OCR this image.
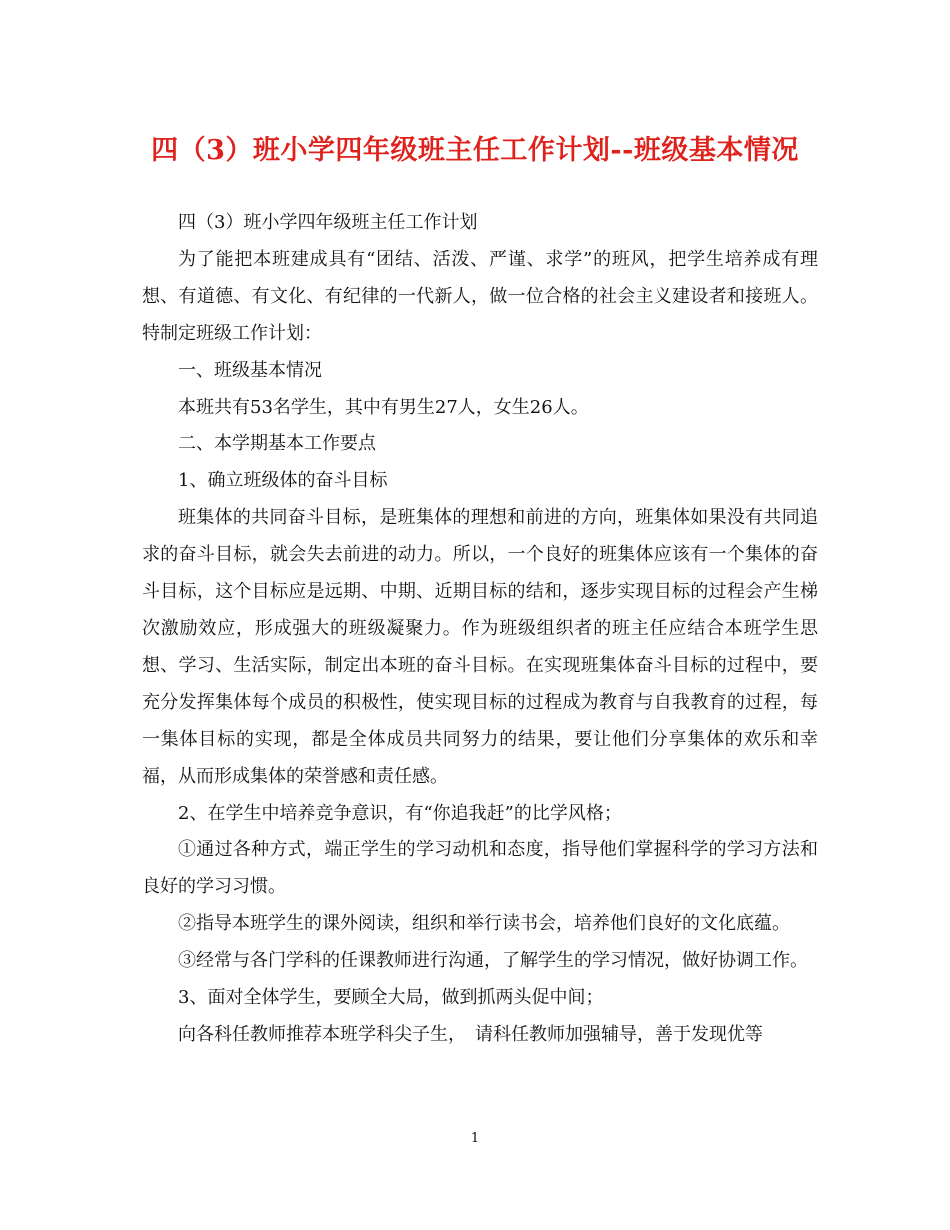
四（3）班小学四年级班主任工作计划--班级基本情况

四（3）班小学四年级班主任工作计划

为了能把本班建成具有“团结、活泼、严谨、求学”的班风，把学生培养成有理想、有道德、有文化、有纪律的一代新人，做一位合格的社会主义建设者和接班人。特制定班级工作计划：

一、班级基本情况

本班共有53名学生，其中有男生27人，女生26人。

二、本学期基本工作要点

1、确立班级体的奋斗目标

班集体的共同奋斗目标，是班集体的理想和前进的方向，班集体如果没有共同追求的奋斗目标，就会失去前进的动力。所以，一个良好的班集体应该有一个集体的奋斗目标，这个目标应是远期、中期、近期目标的结和，逐步实现目标的过程会产生梯次激励效应，形成强大的班级凝聚力。作为班级组织者的班主任应结合本班学生思想、学习、生活实际，制定出本班的奋斗目标。在实现班集体奋斗目标的过程中，要充分发挥集体每个成员的积极性，使实现目标的过程成为教育与自我教育的过程，每一集体目标的实现，都是全体成员共同努力的结果，要让他们分享集体的欢乐和幸福，从而形成集体的荣誉感和责任感。

2、在学生中培养竞争意识，有“你追我赶”的比学风格；

①通过各种方式，端正学生的学习动机和态度，指导他们掌握科学的学习方法和良好的学习习惯。

②指导本班学生的课外阅读，组织和举行读书会，培养他们良好的文化底蕴。

③经常与各门学科的任课教师进行沟通，了解学生的学习情况，做好协调工作。

3、面对全体学生，要顾全大局，做到抓两头促中间；

向各科任教师推荐本班学科尖子生，　请科任教师加强辅导，善于发现优等

1
